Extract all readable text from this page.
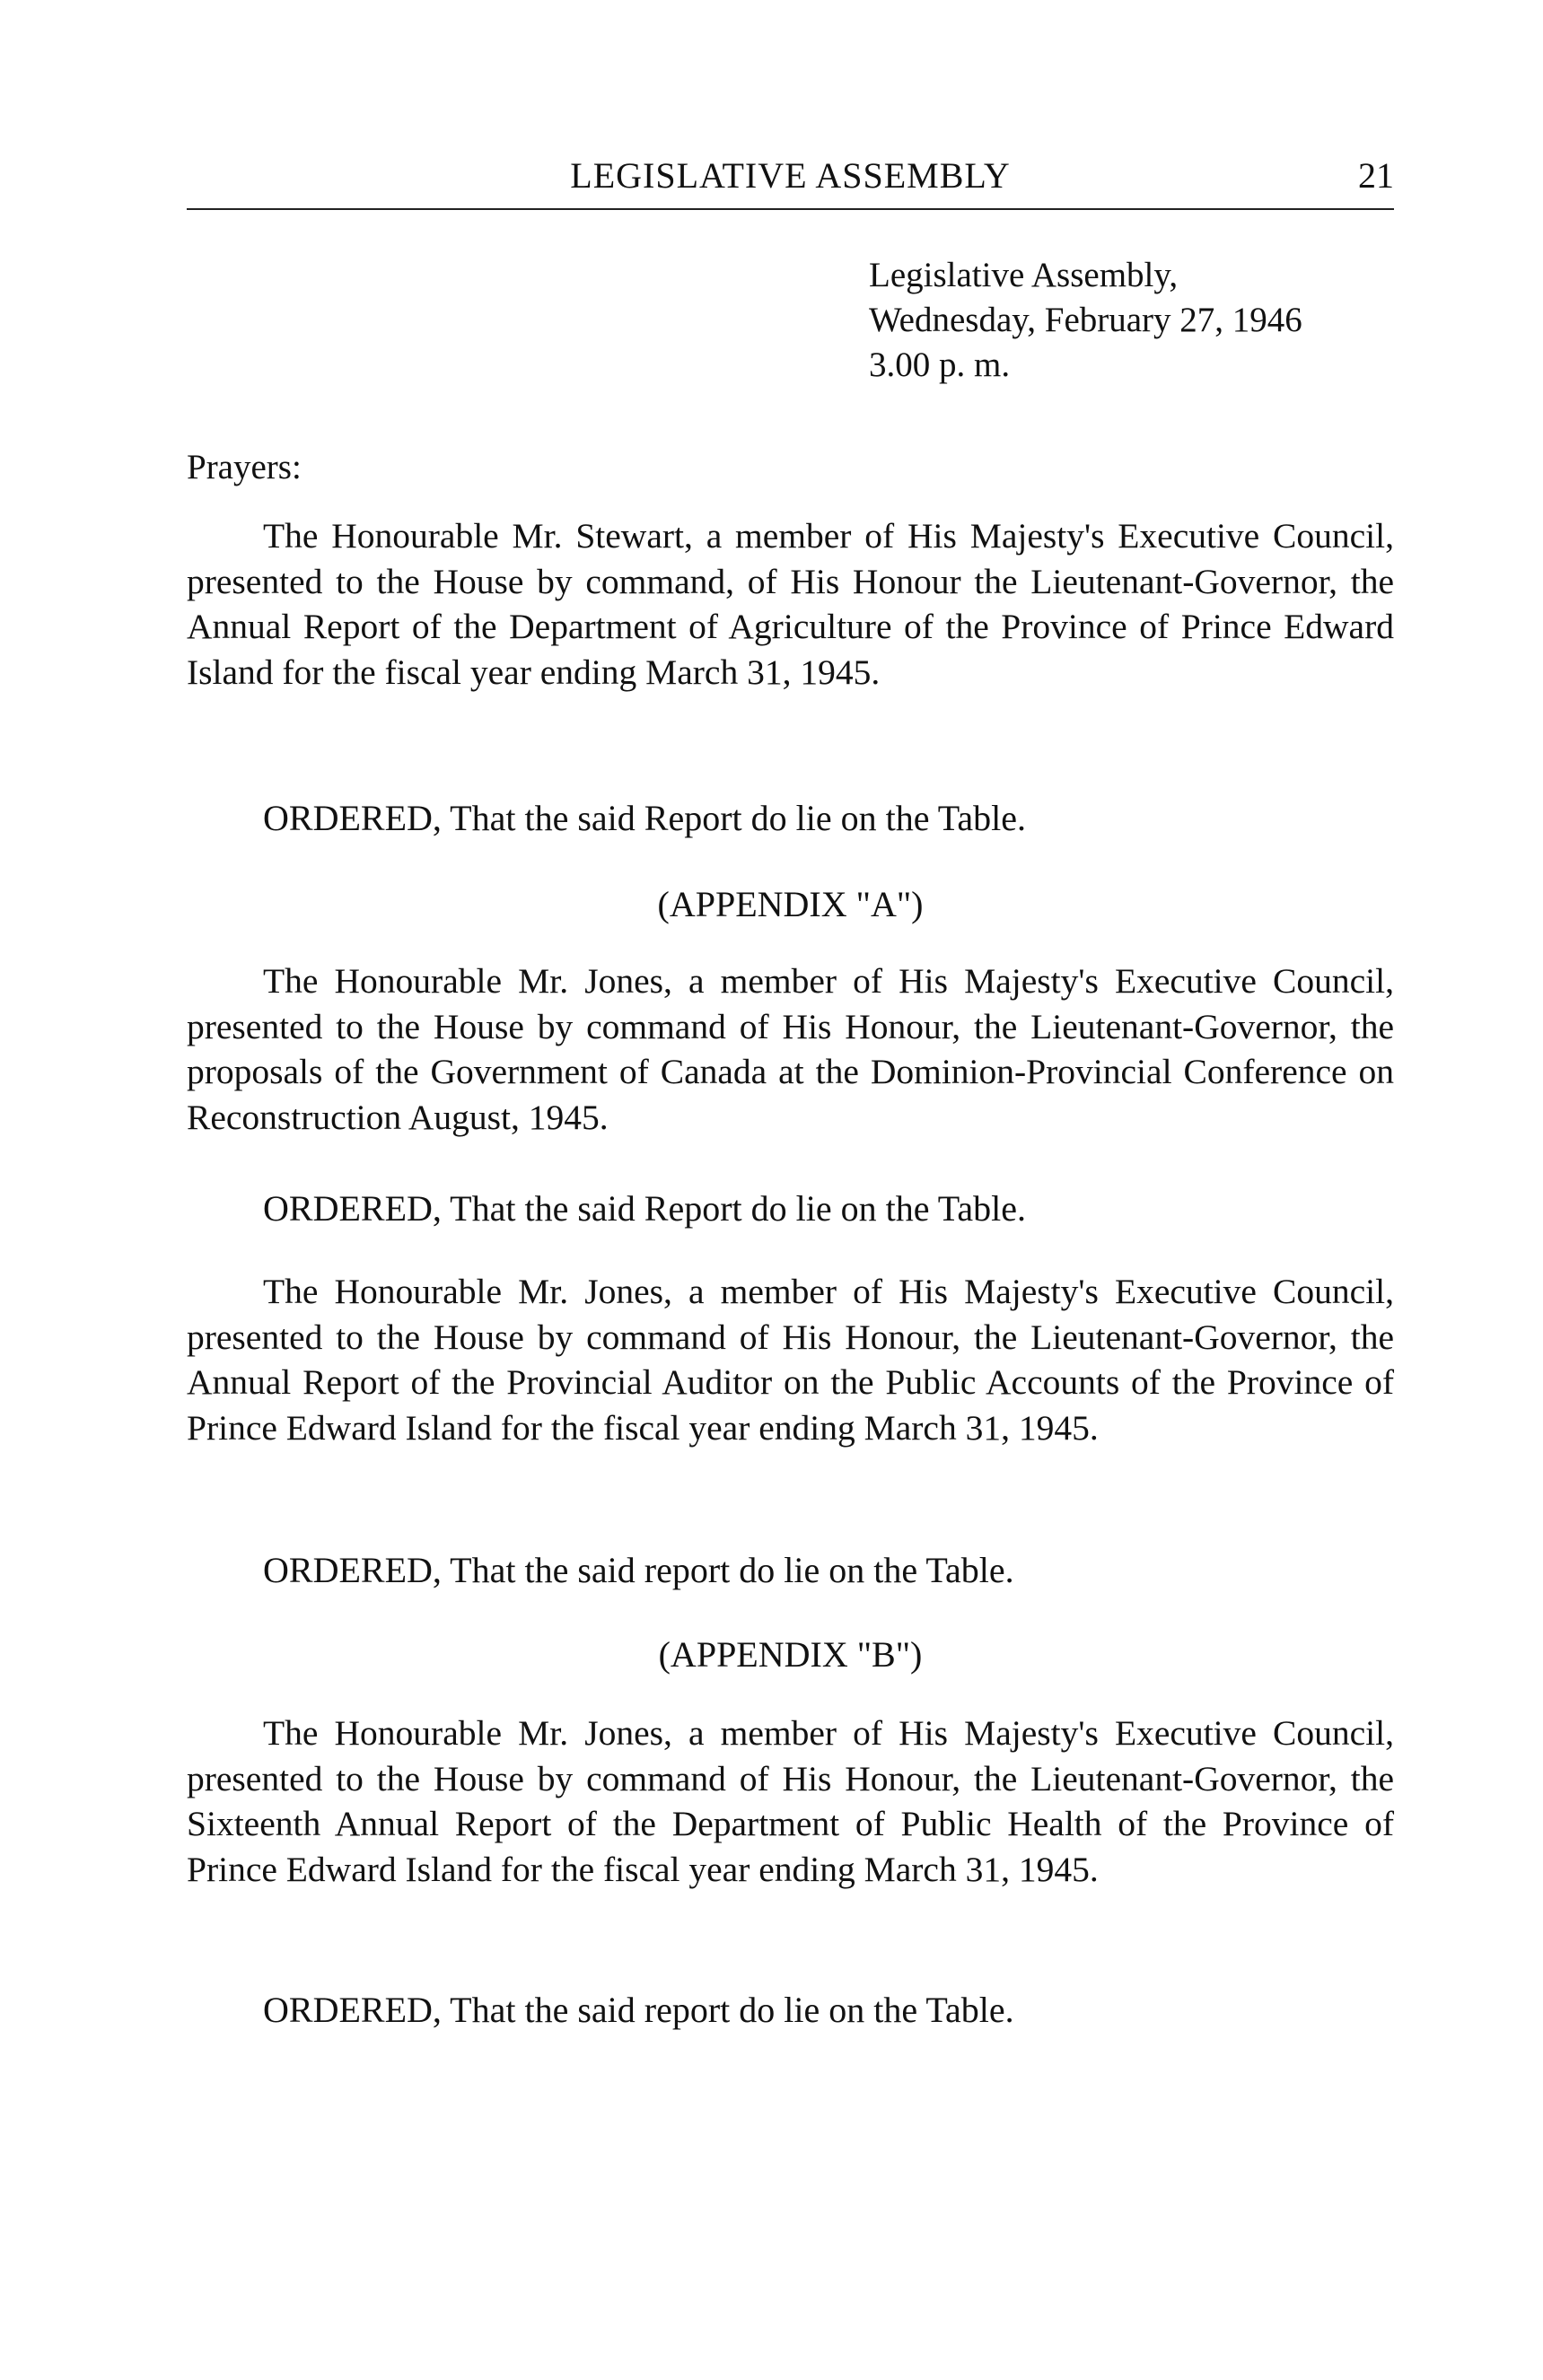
LEGISLATIVE ASSEMBLY	21
Legislative Assembly,
Wednesday, February 27, 1946
3.00 p. m.
Prayers:

The Honourable Mr. Stewart, a member of His Majesty's Executive Council, presented to the House by command, of His Honour the Lieutenant-Governor, the Annual Report of the Department of Agriculture of the Province of Prince Edward Island for the fiscal year ending March 31, 1945.

ORDERED, That the said Report do lie on the Table.
(APPENDIX "A")

The Honourable Mr. Jones, a member of His Majesty's Executive Council, presented to the House by command of His Honour, the Lieutenant-Governor, the proposals of the Government of Canada at the Dominion-Provincial Conference on Reconstruction August, 1945.

ORDERED, That the said Report do lie on the Table.

The Honourable Mr. Jones, a member of His Majesty's Executive Council, presented to the House by command of His Honour, the Lieutenant-Governor, the Annual Report of the Provincial Auditor on the Public Accounts of the Province of Prince Edward Island for the fiscal year ending March 31, 1945.

ORDERED, That the said report do lie on the Table.
(APPENDIX "B")

The Honourable Mr. Jones, a member of His Majesty's Executive Council, presented to the House by command of His Honour, the Lieutenant-Governor, the Sixteenth Annual Report of the Department of Public Health of the Province of Prince Edward Island for the fiscal year ending March 31, 1945.

ORDERED, That the said report do lie on the Table.
